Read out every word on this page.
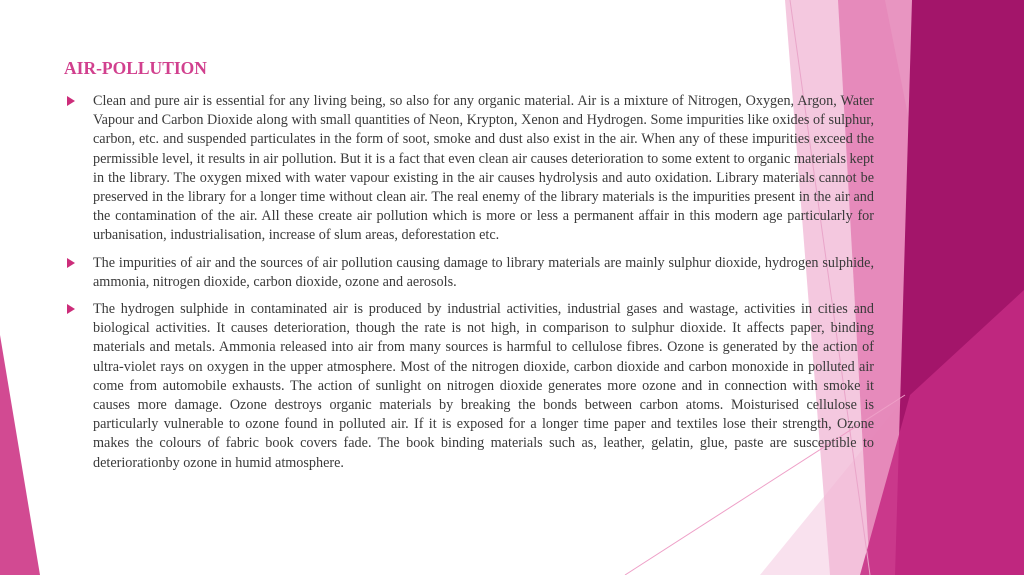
AIR-POLLUTION

Clean and pure air is essential for any living being, so also for any organic material. Air is a mixture of Nitrogen, Oxygen, Argon, Water Vapour and Carbon Dioxide along with small quantities of Neon, Krypton, Xenon and Hydrogen. Some impurities like oxides of sulphur, carbon, etc. and suspended particulates in the form of soot, smoke and dust also exist in the air. When any of these impurities exceed the permissible level, it results in air pollution. But it is a fact that even clean air causes deterioration to some extent to organic materials kept in the library. The oxygen mixed with water vapour existing in the air causes hydrolysis and auto oxidation. Library materials cannot be preserved in the library for a longer time without clean air. The real enemy of the library materials is the impurities present in the air and the contamination of the air. All these create air pollution which is more or less a permanent affair in this modern age particularly for urbanisation, industrialisation, increase of slum areas, deforestation etc.

The impurities of air and the sources of air pollution causing damage to library materials are mainly sulphur dioxide, hydrogen sulphide, ammonia, nitrogen dioxide, carbon dioxide, ozone and aerosols.

The hydrogen sulphide in contaminated air is produced by industrial activities, industrial gases and wastage, activities in cities and biological activities. It causes deterioration, though the rate is not high, in comparison to sulphur dioxide. It affects paper, binding materials and metals. Ammonia released into air from many sources is harmful to cellulose fibres. Ozone is generated by the action of ultra-violet rays on oxygen in the upper atmosphere. Most of the nitrogen dioxide, carbon dioxide and carbon monoxide in polluted air come from automobile exhausts. The action of sunlight on nitrogen dioxide generates more ozone and in connection with smoke it causes more damage. Ozone destroys organic materials by breaking the bonds between carbon atoms. Moisturised cellulose is particularly vulnerable to ozone found in polluted air. If it is exposed for a longer time paper and textiles lose their strength, Ozone makes the colours of fabric book covers fade. The book binding materials such as, leather, gelatin, glue, paste are susceptible to deteriorationby ozone in humid atmosphere.
